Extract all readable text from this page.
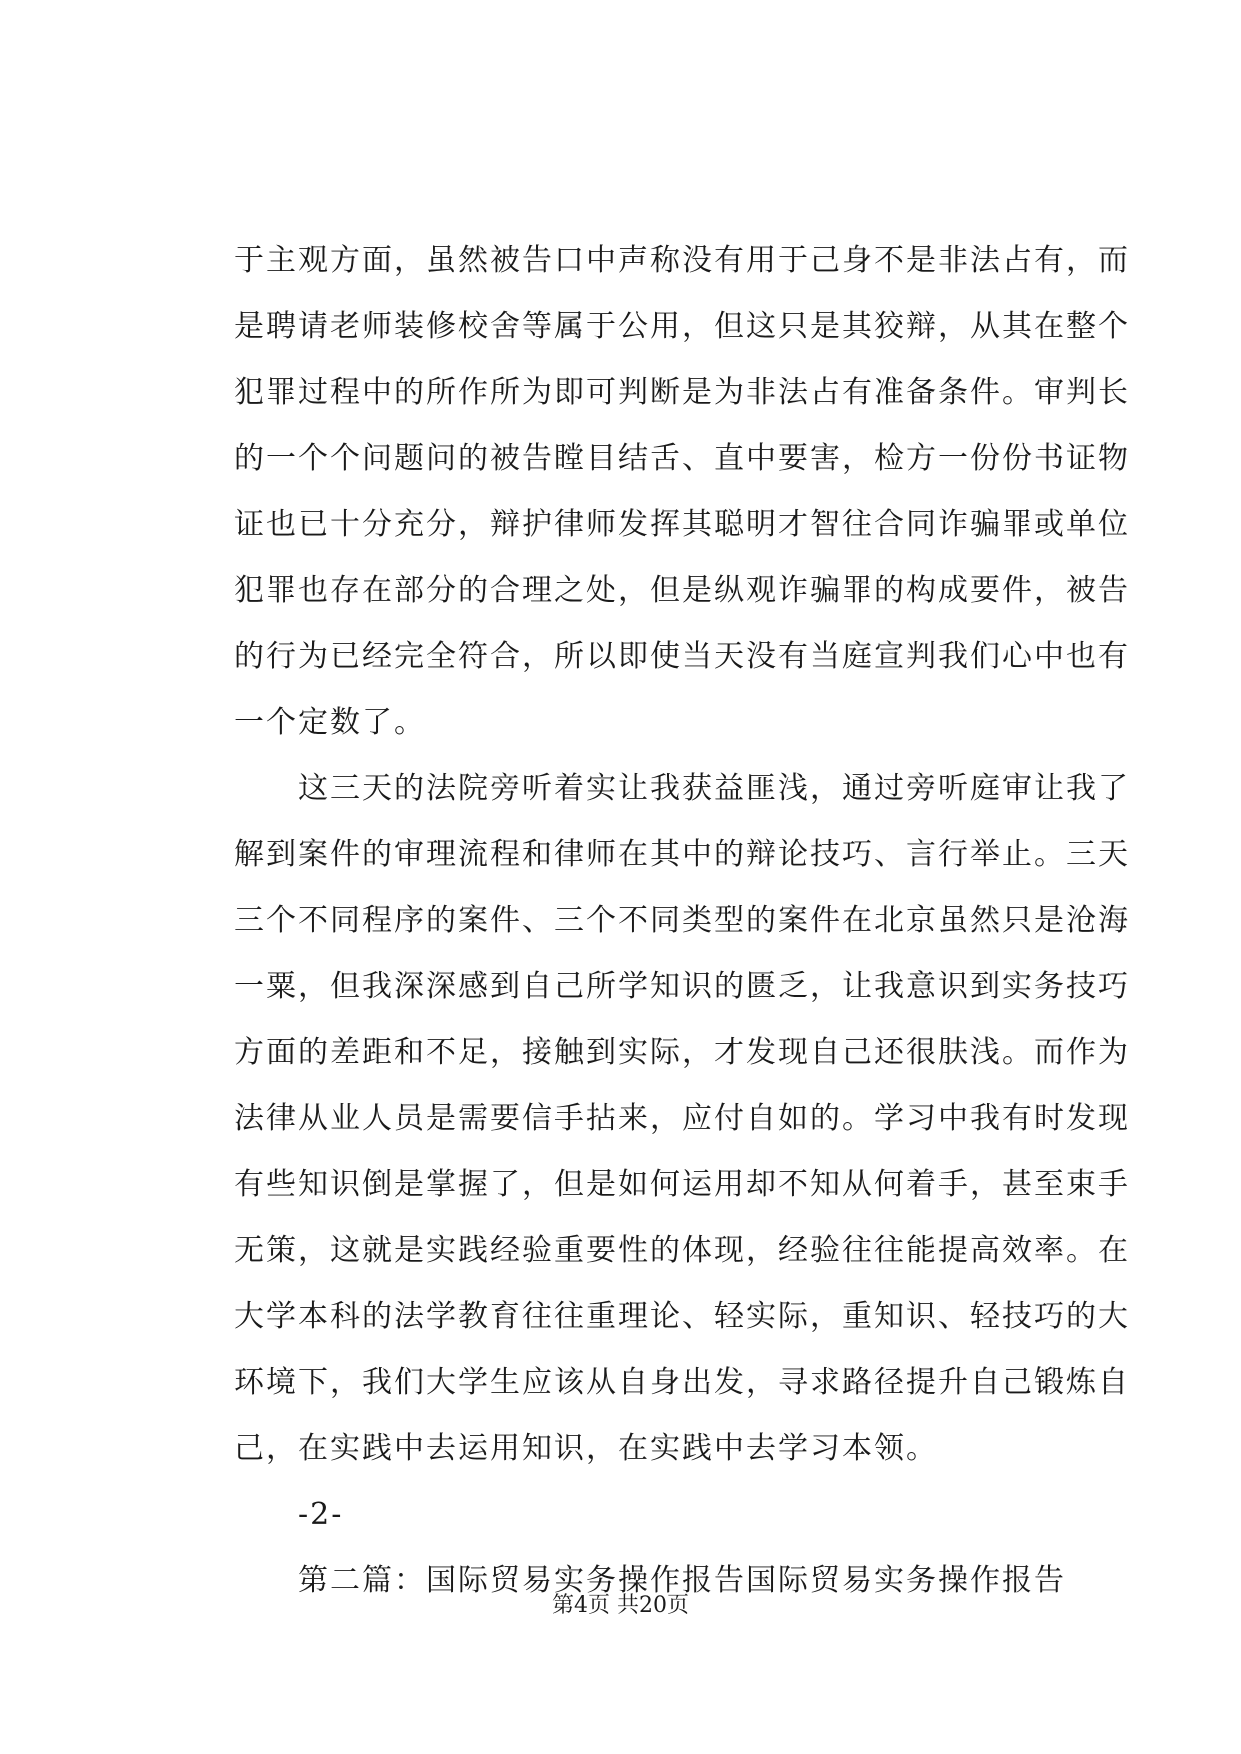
于主观方面，虽然被告口中声称没有用于己身不是非法占有，而
是聘请老师装修校舍等属于公用，但这只是其狡辩，从其在整个
犯罪过程中的所作所为即可判断是为非法占有准备条件。审判长
的一个个问题问的被告瞠目结舌、直中要害，检方一份份书证物
证也已十分充分，辩护律师发挥其聪明才智往合同诈骗罪或单位
犯罪也存在部分的合理之处，但是纵观诈骗罪的构成要件，被告
的行为已经完全符合，所以即使当天没有当庭宣判我们心中也有
一个定数了。
　　这三天的法院旁听着实让我获益匪浅，通过旁听庭审让我了
解到案件的审理流程和律师在其中的辩论技巧、言行举止。三天
三个不同程序的案件、三个不同类型的案件在北京虽然只是沧海
一粟，但我深深感到自己所学知识的匮乏，让我意识到实务技巧
方面的差距和不足，接触到实际，才发现自己还很肤浅。而作为
法律从业人员是需要信手拈来，应付自如的。学习中我有时发现
有些知识倒是掌握了，但是如何运用却不知从何着手，甚至束手
无策，这就是实践经验重要性的体现，经验往往能提高效率。在
大学本科的法学教育往往重理论、轻实际，重知识、轻技巧的大
环境下，我们大学生应该从自身出发，寻求路径提升自己锻炼自
己，在实践中去运用知识，在实践中去学习本领。
　　-2-
　　第二篇：国际贸易实务操作报告国际贸易实务操作报告
第4页 共20页
